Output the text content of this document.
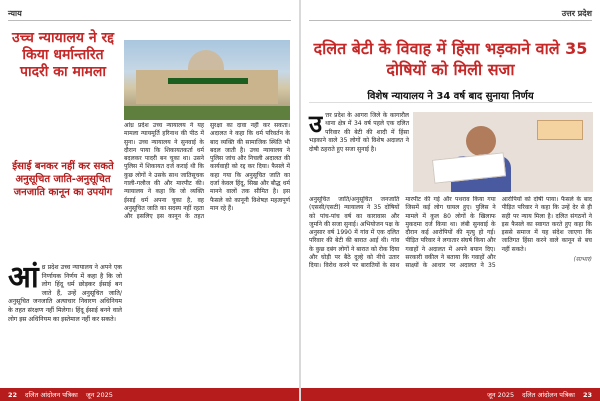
न्याय
उच्च न्यायालय ने रद्द किया धर्मान्तरित पादरी का मामला
ईसाई बनकर नहीं कर सकते अनुसूचित जाति-अनुसूचित जनजाति कानून का उपयोग
आं ध्र प्रदेश उच्च न्यायालय ने अपने एक निर्णायक निर्णय में कहा है कि जो लोग हिंदू धर्म छोड़कर ईसाई बन जाते हैं, उन्हें अनुसूचित जाति/अनुसूचित जनजाति अत्याचार निवारण अधिनियम के तहत संरक्षण नहीं मिलेगा। हिंदू ईसाई बनने वाले लोग इस अधिनियम का इस्तेमाल नहीं कर सकते।
आंध्र प्रदेश उच्च न्यायालय ने यह मामला न्यायमूर्ति हरिनाथ की पीठ में सुना। उच्च न्यायालय ने सुनवाई के दौरान पाया कि शिकायतकर्ता धर्म बदलकर पादरी बन चुका था। उसने पुलिस में शिकायत दर्ज कराई थी कि कुछ लोगों ने उसके साथ जातिसूचक गाली-गलौज की और मारपीट की। न्यायालय ने कहा कि जो व्यक्ति ईसाई धर्म अपना चुका है, वह अनुसूचित जाति का सदस्य नहीं रहता और इसलिए इस कानून के तहत सुरक्षा का दावा नहीं कर सकता। अदालत ने कहा कि धर्म परिवर्तन के बाद व्यक्ति की सामाजिक स्थिति भी बदल जाती है। उच्च न्यायालय ने पुलिस जांच और निचली अदालत की कार्यवाही को रद्द कर दिया। फैसले में कहा गया कि अनुसूचित जाति का दर्जा केवल हिंदू, सिख और बौद्ध धर्म मानने वालों तक सीमित है। इस फैसले को कानूनी विशेषज्ञ महत्वपूर्ण मान रहे हैं।
22 दलित आंदोलन पत्रिका जून 2025
उत्तर प्रदेश
दलित बेटी के विवाह में हिंसा भड़काने वाले 35 दोषियों को मिली सजा
विशेष न्यायालय ने 34 वर्ष बाद सुनाया निर्णय
उ त्तर प्रदेश के आगरा जिले के कागारौल थाना क्षेत्र में 34 वर्ष पहले एक दलित परिवार की बेटी की शादी में हिंसा भड़काने वाले 35 लोगों को विशेष अदालत ने दोषी ठहराते हुए सजा सुनाई है।
अनुसूचित जाति/अनुसूचित जनजाति (एससी/एसटी) न्यायालय ने 35 दोषियों को पांच-पांच वर्ष का कारावास और जुर्माने की सजा सुनाई। अभियोजन पक्ष के अनुसार वर्ष 1990 में गांव में एक दलित परिवार की बेटी की बारात आई थी। गांव के कुछ दबंग लोगों ने बारात को रोक दिया और घोड़ी पर बैठे दूल्हे को नीचे उतार दिया। विरोध करने पर बारातियों के साथ मारपीट की गई और पथराव किया गया जिसमें कई लोग घायल हुए। पुलिस ने मामले में कुल 80 लोगों के खिलाफ मुकदमा दर्ज किया था। लंबी सुनवाई के दौरान कई आरोपियों की मृत्यु हो गई। पीड़ित परिवार ने लगातार संघर्ष किया और गवाहों ने अदालत में अपने बयान दिए। सरकारी वकील ने बताया कि गवाहों और साक्ष्यों के आधार पर अदालत ने 35 आरोपियों को दोषी पाया। फैसले के बाद पीड़ित परिवार ने कहा कि उन्हें देर से ही सही पर न्याय मिला है। दलित संगठनों ने इस फैसले का स्वागत करते हुए कहा कि इससे समाज में यह संदेश जाएगा कि जातिगत हिंसा करने वाले कानून से बच नहीं सकते।
(साभार)
जून 2025 दलित आंदोलन पत्रिका 23
